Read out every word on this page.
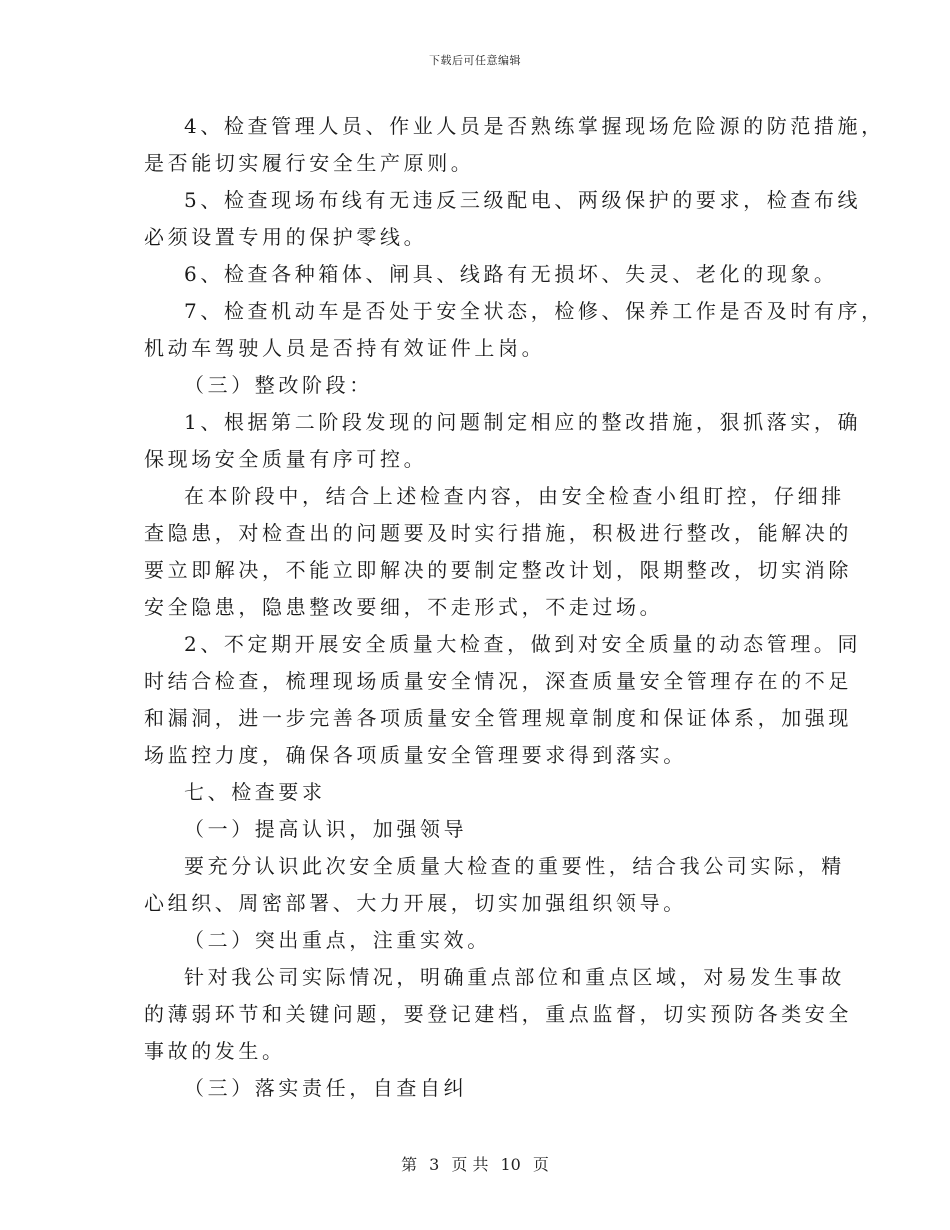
下载后可任意编辑
4、检查管理人员、作业人员是否熟练掌握现场危险源的防范措施，
是否能切实履行安全生产原则。
5、检查现场布线有无违反三级配电、两级保护的要求，检查布线
必须设置专用的保护零线。
6、检查各种箱体、闸具、线路有无损坏、失灵、老化的现象。
7、检查机动车是否处于安全状态，检修、保养工作是否及时有序，
机动车驾驶人员是否持有效证件上岗。
（三）整改阶段：
1、根据第二阶段发现的问题制定相应的整改措施，狠抓落实，确
保现场安全质量有序可控。
在本阶段中，结合上述检查内容，由安全检查小组盯控，仔细排
查隐患，对检查出的问题要及时实行措施，积极进行整改，能解决的
要立即解决，不能立即解决的要制定整改计划，限期整改，切实消除
安全隐患，隐患整改要细，不走形式，不走过场。
2、不定期开展安全质量大检查，做到对安全质量的动态管理。同
时结合检查，梳理现场质量安全情况，深查质量安全管理存在的不足
和漏洞，进一步完善各项质量安全管理规章制度和保证体系，加强现
场监控力度，确保各项质量安全管理要求得到落实。
七、检查要求
（一）提高认识，加强领导
要充分认识此次安全质量大检查的重要性，结合我公司实际，精
心组织、周密部署、大力开展，切实加强组织领导。
（二）突出重点，注重实效。
针对我公司实际情况，明确重点部位和重点区域，对易发生事故
的薄弱环节和关键问题，要登记建档，重点监督，切实预防各类安全
事故的发生。
（三）落实责任，自查自纠
第 3 页 共 10 页
